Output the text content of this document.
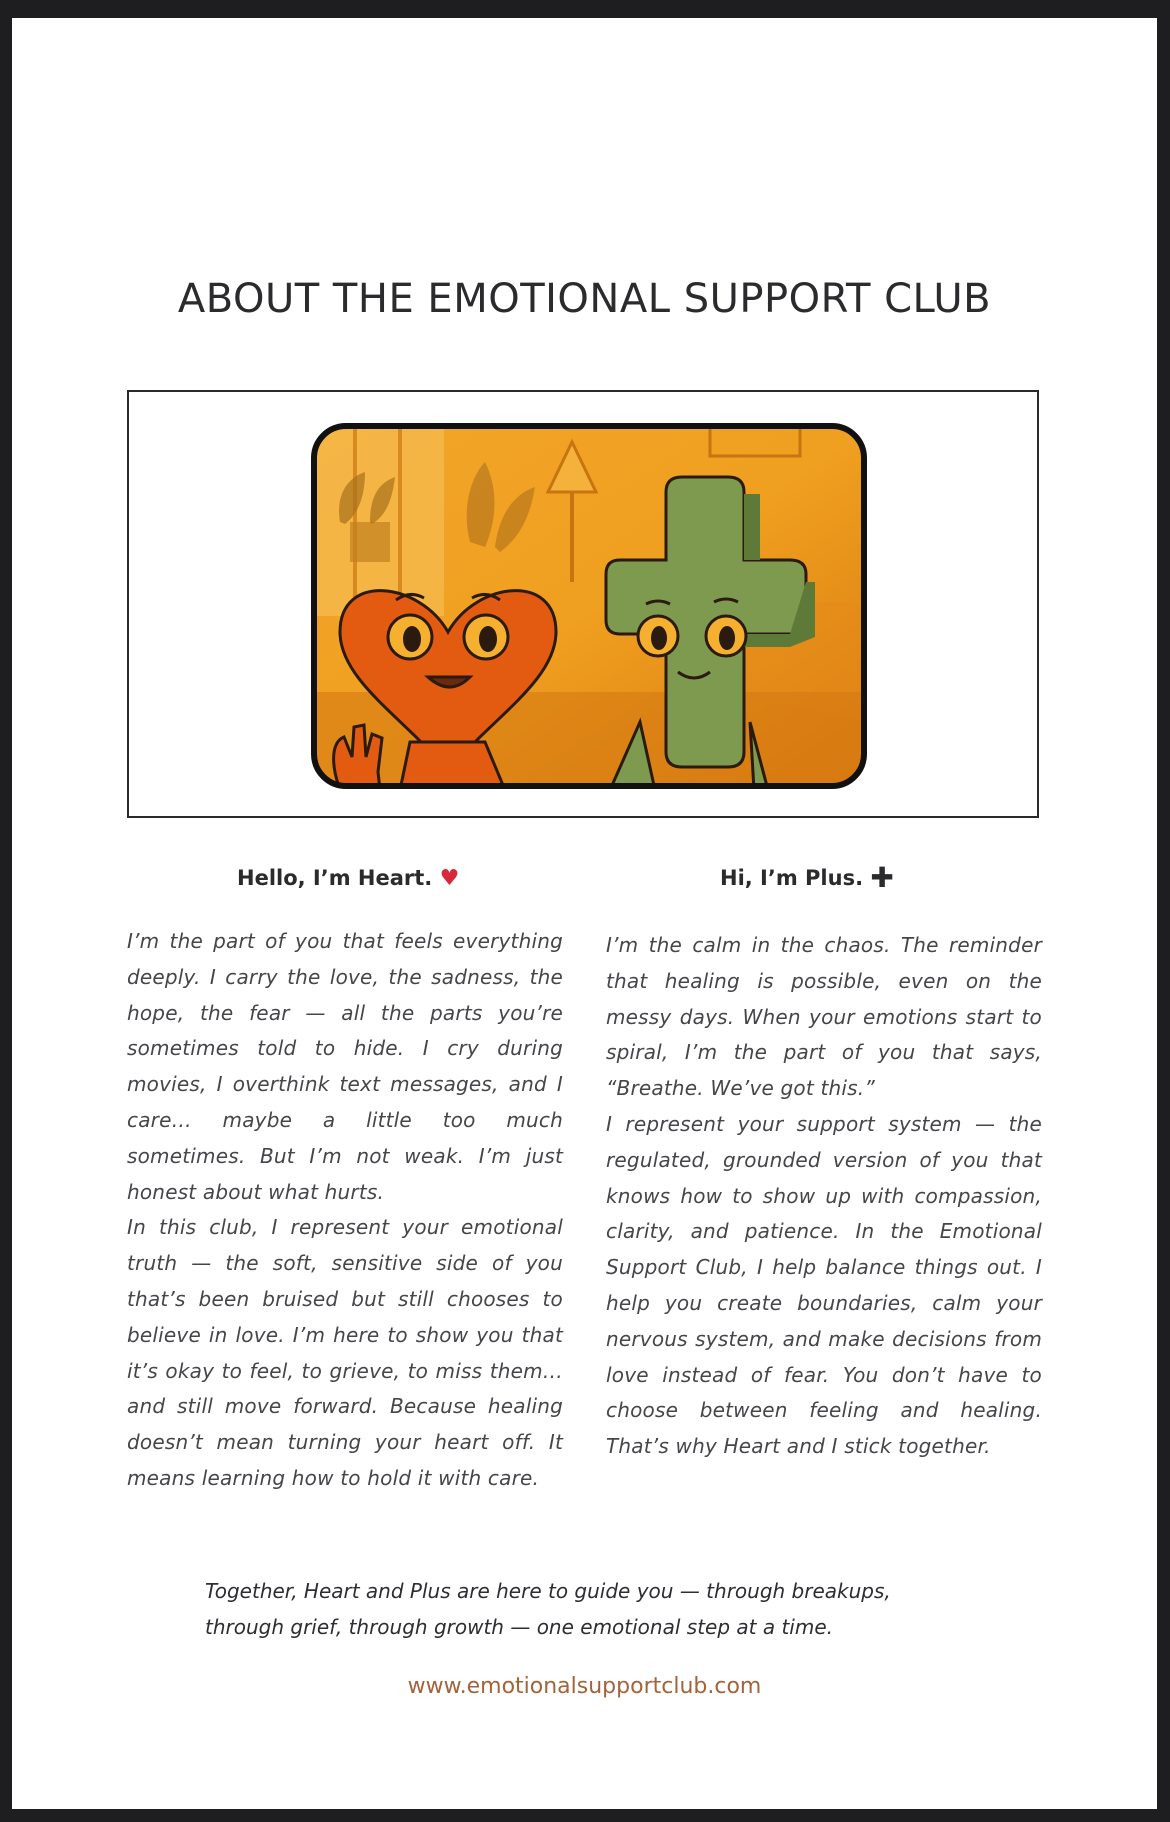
ABOUT THE EMOTIONAL SUPPORT CLUB
Hello, I’m Heart. ♥	Hi, I’m Plus. ✚

I’m the part of you that feels everything deeply. I carry the love, the sadness, the hope, the fear — all the parts you’re sometimes told to hide. I cry during movies, I overthink text messages, and I care… maybe a little too much sometimes. But I’m not weak. I’m just honest about what hurts.

In this club, I represent your emotional truth — the soft, sensitive side of you that’s been bruised but still chooses to believe in love. I’m here to show you that it’s okay to feel, to grieve, to miss them… and still move forward. Because healing doesn’t mean turning your heart off. It means learning how to hold it with care.

I’m the calm in the chaos. The reminder that healing is possible, even on the messy days. When your emotions start to spiral, I’m the part of you that says, “Breathe. We’ve got this.”

I represent your support system — the regulated, grounded version of you that knows how to show up with compassion, clarity, and patience. In the Emotional Support Club, I help balance things out. I help you create boundaries, calm your nervous system, and make decisions from love instead of fear. You don’t have to choose between feeling and healing. That’s why Heart and I stick together.

Together, Heart and Plus are here to guide you — through breakups, through grief, through growth — one emotional step at a time.
www.emotionalsupportclub.com
